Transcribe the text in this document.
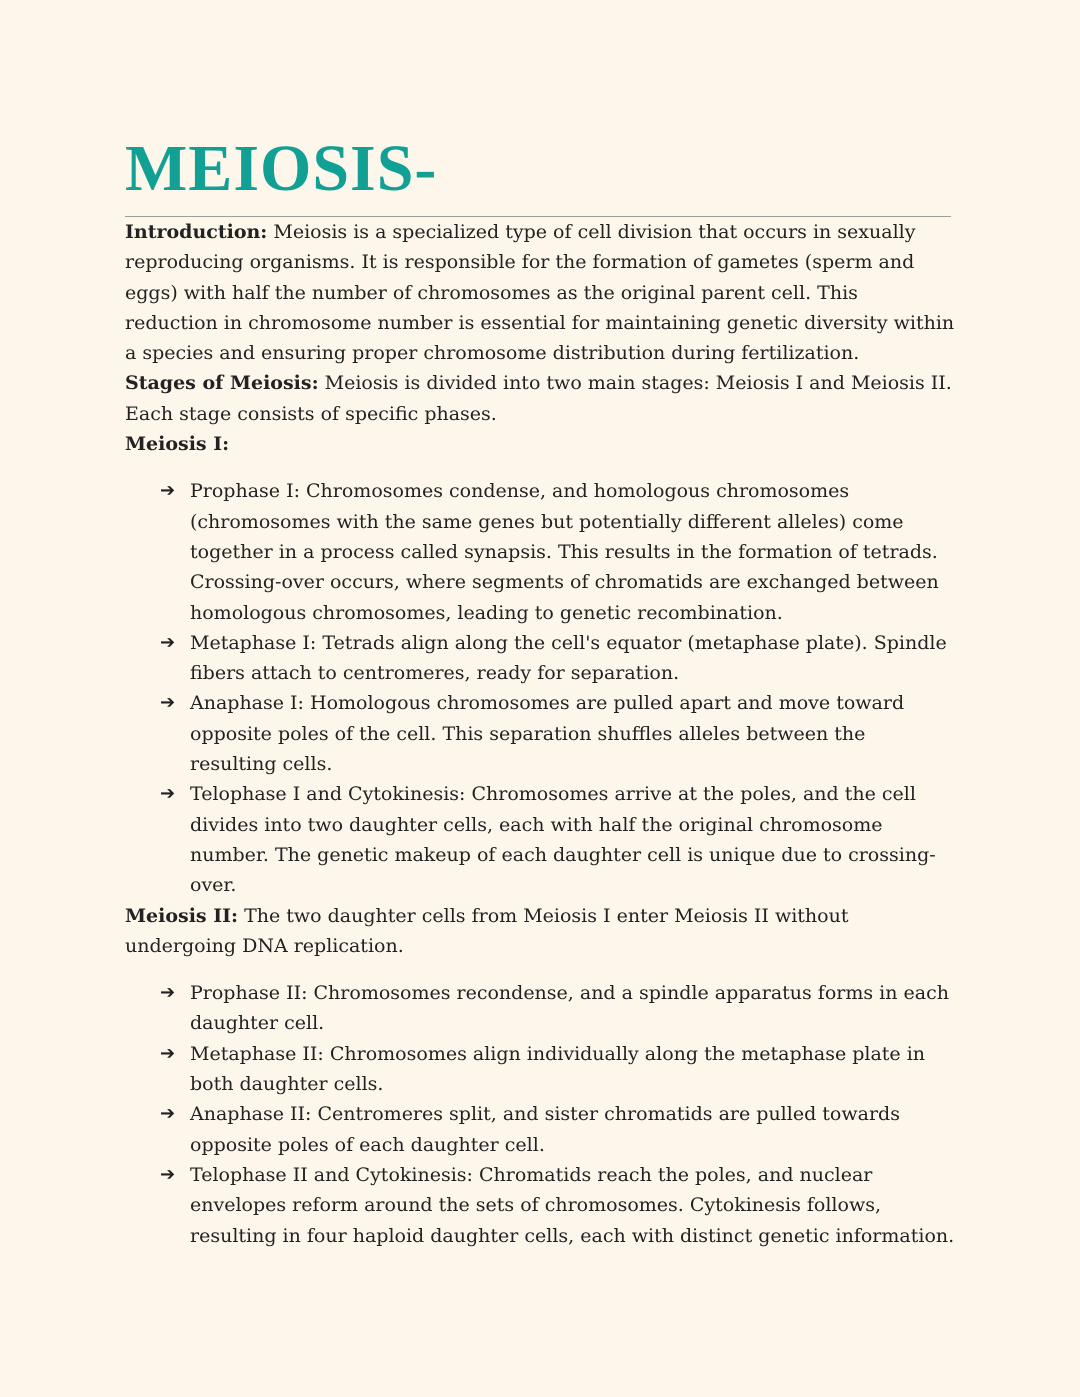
MEIOSIS-

Introduction: Meiosis is a specialized type of cell division that occurs in sexually reproducing organisms. It is responsible for the formation of gametes (sperm and eggs) with half the number of chromosomes as the original parent cell. This reduction in chromosome number is essential for maintaining genetic diversity within a species and ensuring proper chromosome distribution during fertilization.

Stages of Meiosis: Meiosis is divided into two main stages: Meiosis I and Meiosis II. Each stage consists of specific phases.

Meiosis I:

➔ Prophase I: Chromosomes condense, and homologous chromosomes (chromosomes with the same genes but potentially different alleles) come together in a process called synapsis. This results in the formation of tetrads. Crossing-over occurs, where segments of chromatids are exchanged between homologous chromosomes, leading to genetic recombination.
➔ Metaphase I: Tetrads align along the cell's equator (metaphase plate). Spindle fibers attach to centromeres, ready for separation.
➔ Anaphase I: Homologous chromosomes are pulled apart and move toward opposite poles of the cell. This separation shuffles alleles between the resulting cells.
➔ Telophase I and Cytokinesis: Chromosomes arrive at the poles, and the cell divides into two daughter cells, each with half the original chromosome number. The genetic makeup of each daughter cell is unique due to crossing-over.

Meiosis II: The two daughter cells from Meiosis I enter Meiosis II without undergoing DNA replication.

➔ Prophase II: Chromosomes recondense, and a spindle apparatus forms in each daughter cell.
➔ Metaphase II: Chromosomes align individually along the metaphase plate in both daughter cells.
➔ Anaphase II: Centromeres split, and sister chromatids are pulled towards opposite poles of each daughter cell.
➔ Telophase II and Cytokinesis: Chromatids reach the poles, and nuclear envelopes reform around the sets of chromosomes. Cytokinesis follows, resulting in four haploid daughter cells, each with distinct genetic information.
